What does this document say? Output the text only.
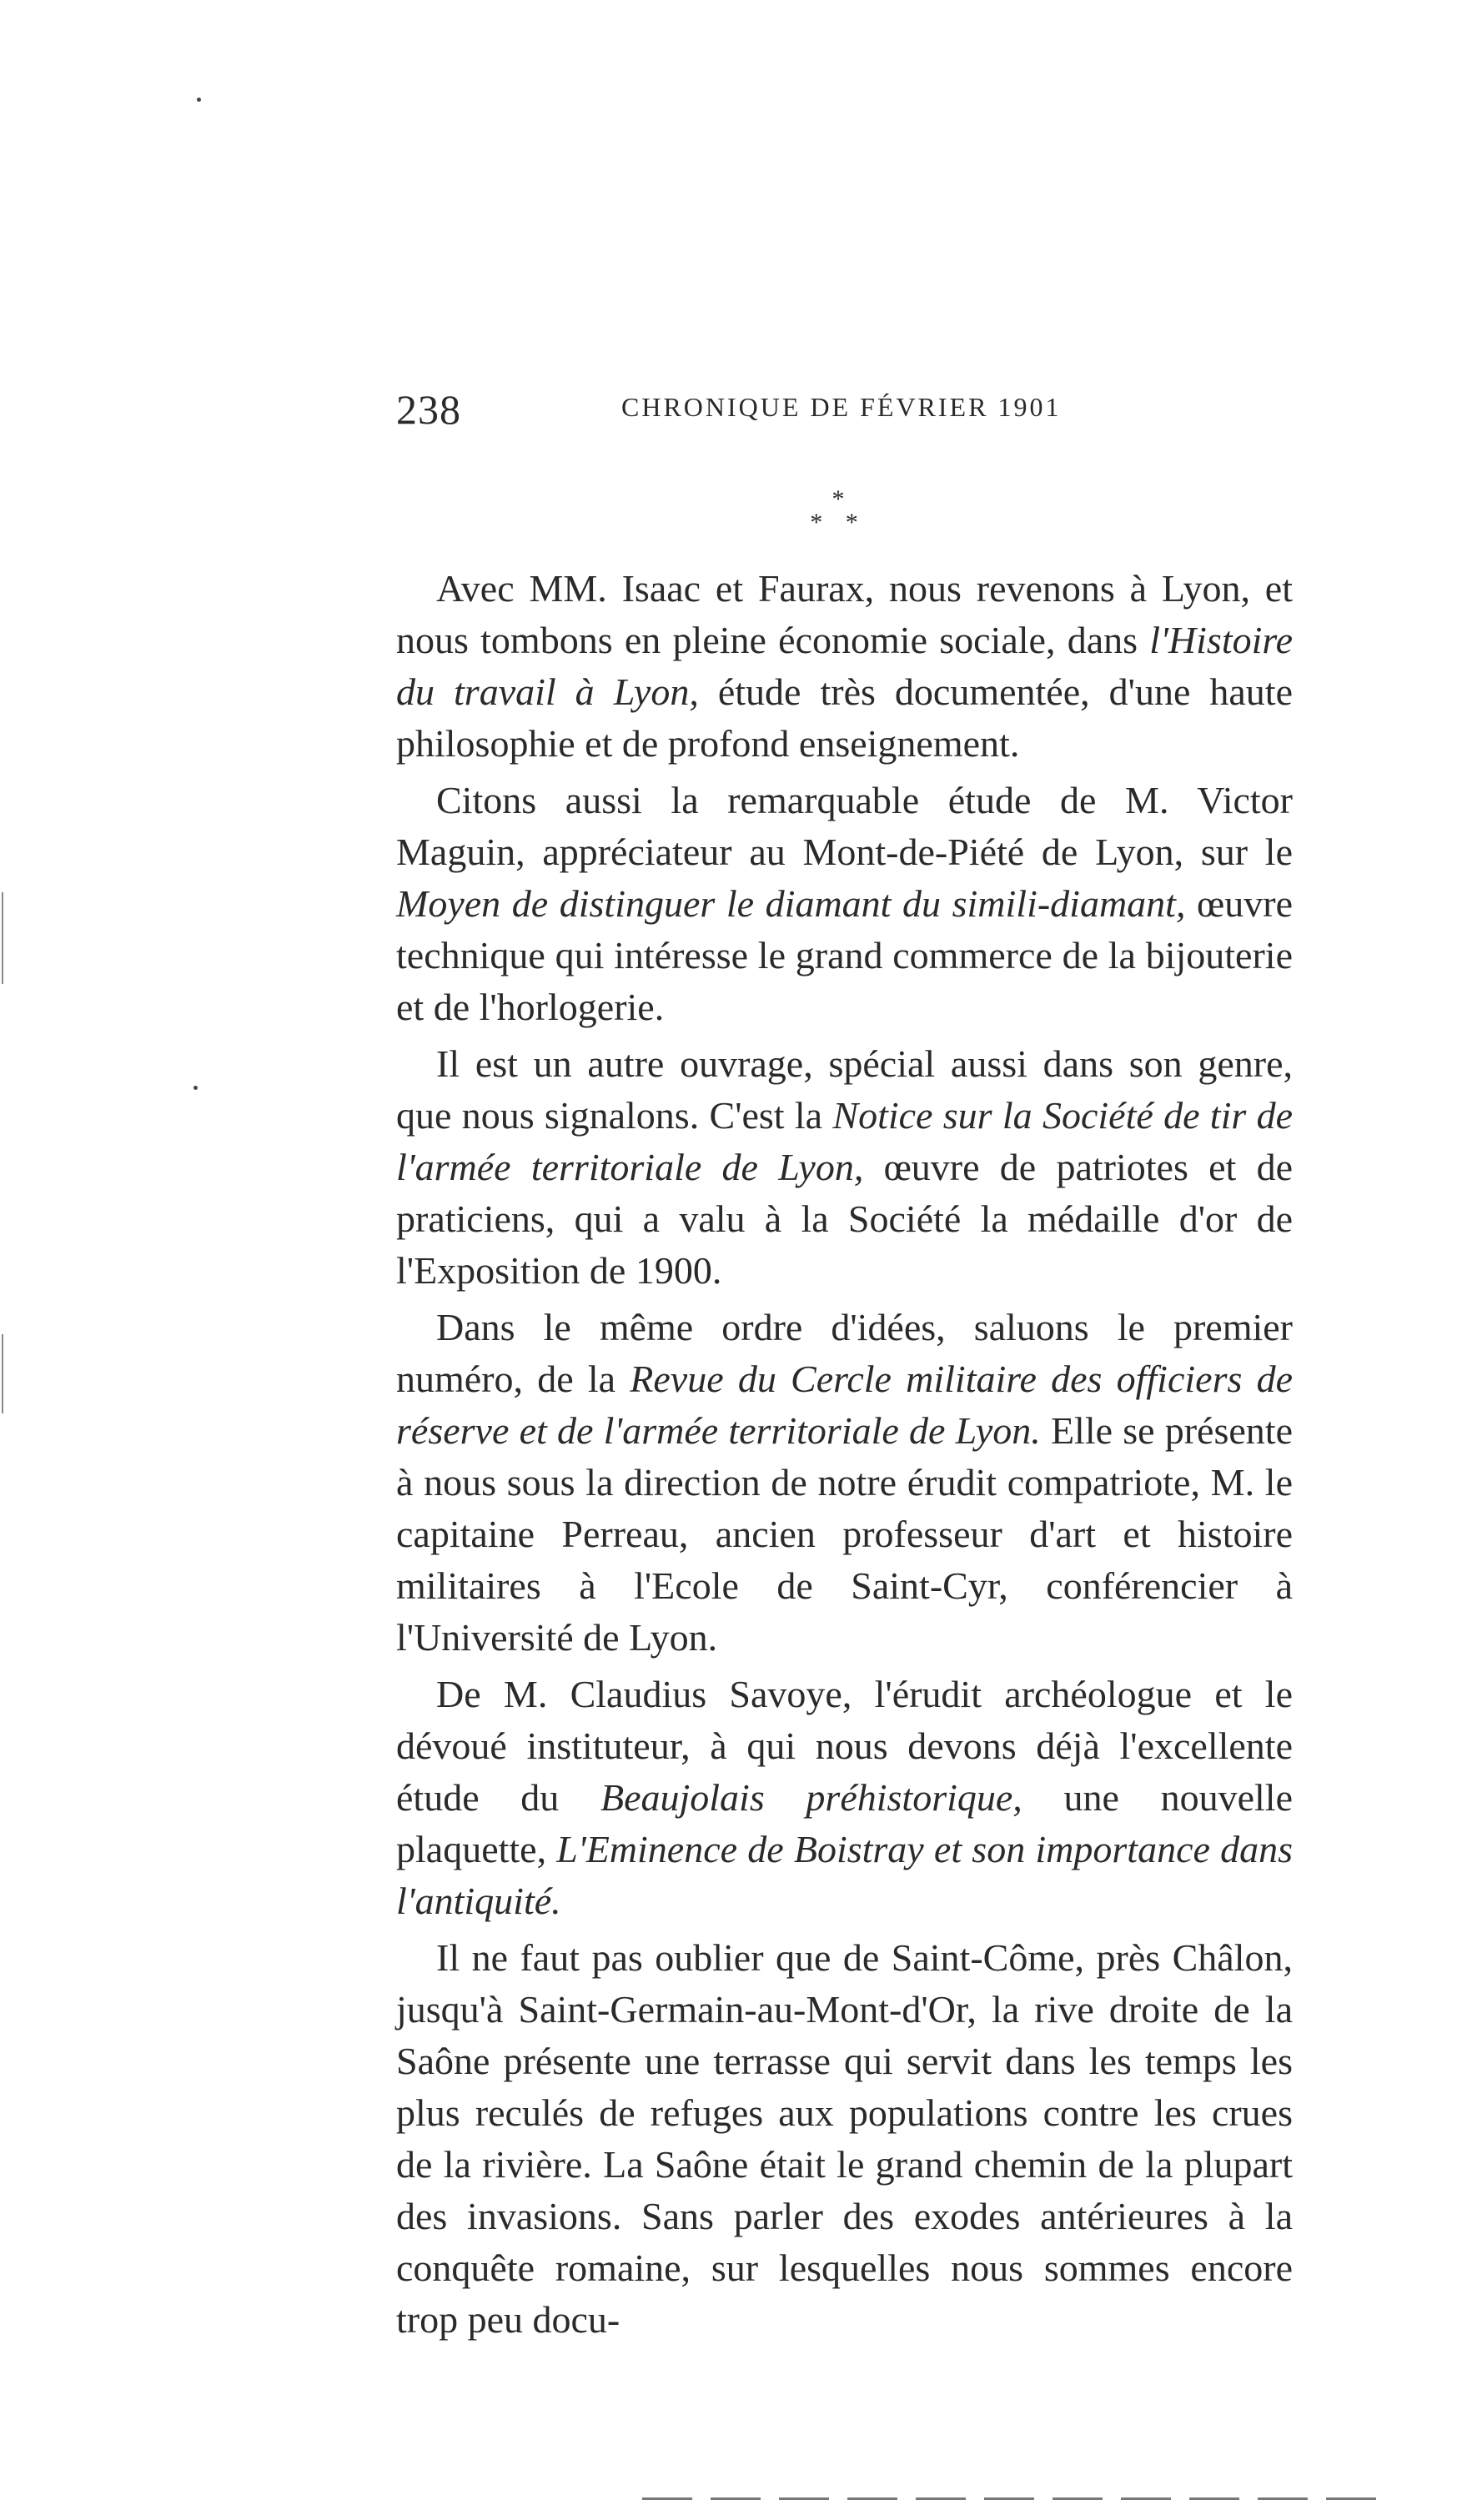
238	CHRONIQUE DE FÉVRIER 1901
*
* *

Avec MM. Isaac et Faurax, nous revenons à Lyon, et nous tombons en pleine économie sociale, dans l'Histoire du travail à Lyon, étude très documentée, d'une haute philosophie et de profond enseignement.

Citons aussi la remarquable étude de M. Victor Maguin, appréciateur au Mont-de-Piété de Lyon, sur le Moyen de distinguer le diamant du simili-diamant, œuvre technique qui intéresse le grand commerce de la bijouterie et de l'horlogerie.

Il est un autre ouvrage, spécial aussi dans son genre, que nous signalons. C'est la Notice sur la Société de tir de l'armée territoriale de Lyon, œuvre de patriotes et de praticiens, qui a valu à la Société la médaille d'or de l'Exposition de 1900.

Dans le même ordre d'idées, saluons le premier numéro, de la Revue du Cercle militaire des officiers de réserve et de l'armée territoriale de Lyon. Elle se présente à nous sous la direction de notre érudit compatriote, M. le capitaine Perreau, ancien professeur d'art et histoire militaires à l'Ecole de Saint-Cyr, conférencier à l'Université de Lyon.

De M. Claudius Savoye, l'érudit archéologue et le dévoué instituteur, à qui nous devons déjà l'excellente étude du Beaujolais préhistorique, une nouvelle plaquette, L'Eminence de Boistray et son importance dans l'antiquité.

Il ne faut pas oublier que de Saint-Côme, près Châlon, jusqu'à Saint-Germain-au-Mont-d'Or, la rive droite de la Saône présente une terrasse qui servit dans les temps les plus reculés de refuges aux populations contre les crues de la rivière. La Saône était le grand chemin de la plupart des invasions. Sans parler des exodes antérieures à la conquête romaine, sur lesquelles nous sommes encore trop peu docu-
